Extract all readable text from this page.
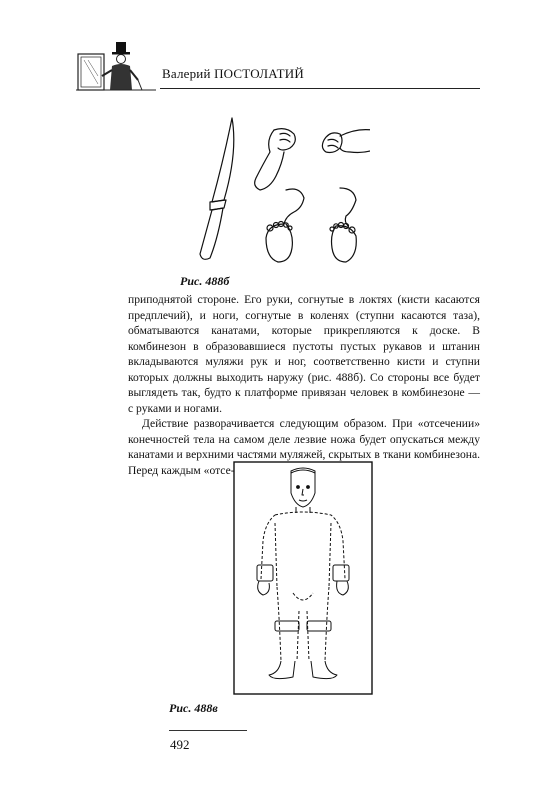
Валерий ПОСТОЛАТИЙ
Рис. 488б

приподнятой стороне. Его руки, согнутые в локтях (кисти касаются предплечий), и ноги, согнутые в коленях (ступни касаются таза), обматываются канатами, которые прикрепляются к доске. В комбинезон в образовавшиеся пустоты пустых рукавов и штанин вкладываются муляжи рук и ног, соответственно кисти и ступни которых должны выходить наружу (рис. 488б). Со стороны все будет выглядеть так, будто к платформе привязан человек в комбинезоне — с руками и ногами.

Действие разворачивается следующим образом. При «отсечении» конечностей тела на самом деле лезвие ножа будет опускаться между канатами и верхними частями муляжей, скрытых в ткани комбинезона. Перед каждым «отсе-

Рис. 488в
492
